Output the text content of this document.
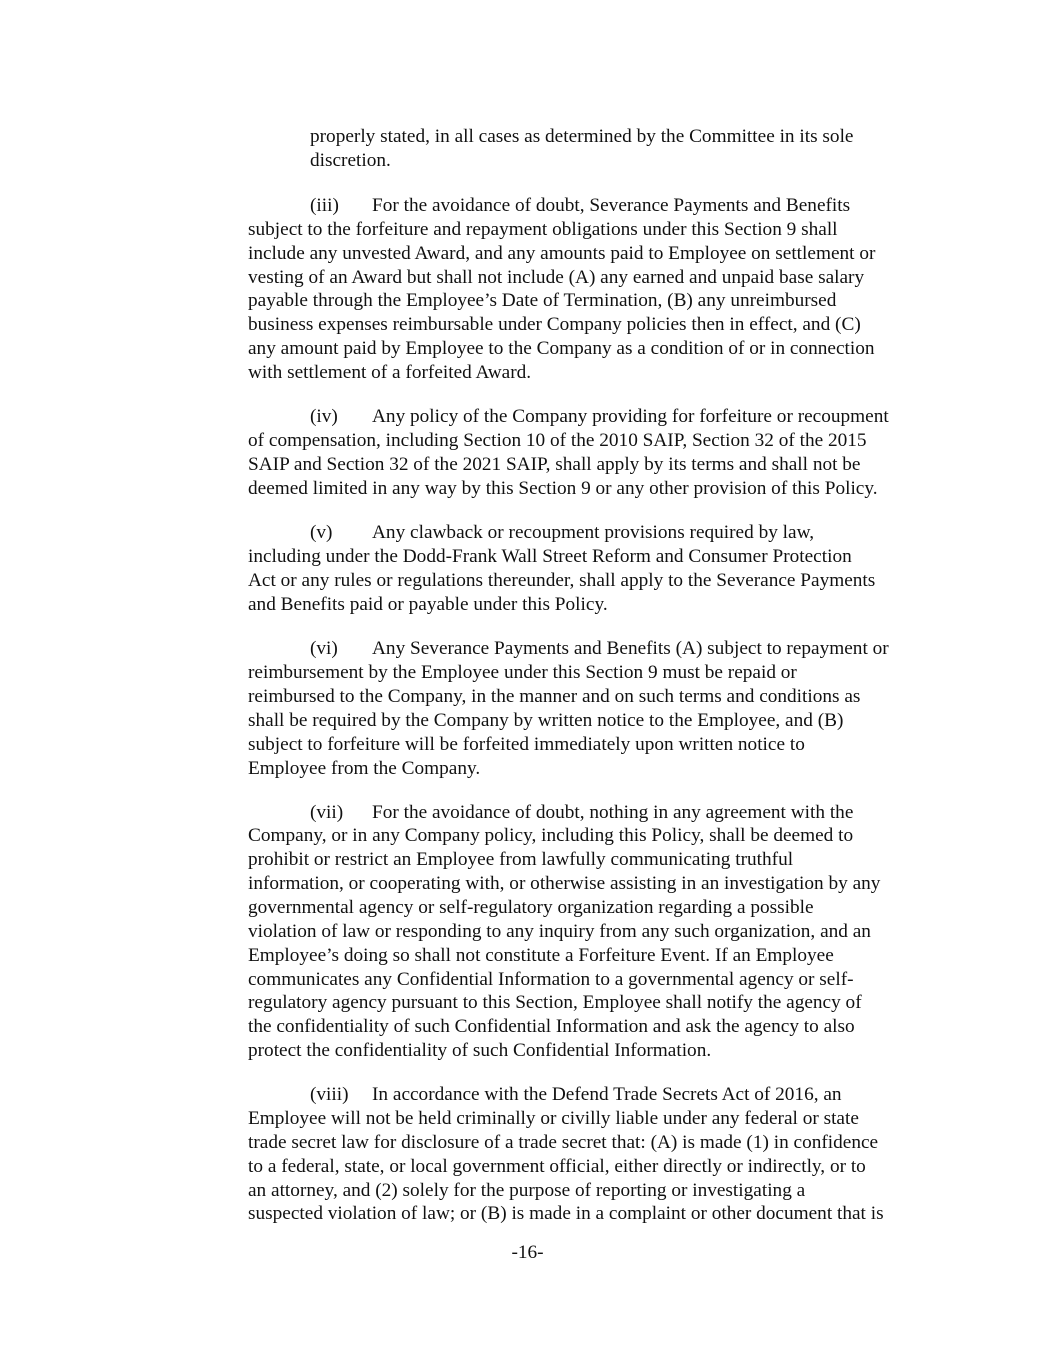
properly stated, in all cases as determined by the Committee in its sole
discretion.
(iii) For the avoidance of doubt, Severance Payments and Benefits
subject to the forfeiture and repayment obligations under this Section 9 shall
include any unvested Award, and any amounts paid to Employee on settlement or
vesting of an Award but shall not include (A) any earned and unpaid base salary
payable through the Employee’s Date of Termination, (B) any unreimbursed
business expenses reimbursable under Company policies then in effect, and (C)
any amount paid by Employee to the Company as a condition of or in connection
with settlement of a forfeited Award.
(iv) Any policy of the Company providing for forfeiture or recoupment
of compensation, including Section 10 of the 2010 SAIP, Section 32 of the 2015
SAIP and Section 32 of the 2021 SAIP, shall apply by its terms and shall not be
deemed limited in any way by this Section 9 or any other provision of this Policy.
(v) Any clawback or recoupment provisions required by law,
including under the Dodd-Frank Wall Street Reform and Consumer Protection
Act or any rules or regulations thereunder, shall apply to the Severance Payments
and Benefits paid or payable under this Policy.
(vi) Any Severance Payments and Benefits (A) subject to repayment or
reimbursement by the Employee under this Section 9 must be repaid or
reimbursed to the Company, in the manner and on such terms and conditions as
shall be required by the Company by written notice to the Employee, and (B)
subject to forfeiture will be forfeited immediately upon written notice to
Employee from the Company.
(vii) For the avoidance of doubt, nothing in any agreement with the
Company, or in any Company policy, including this Policy, shall be deemed to
prohibit or restrict an Employee from lawfully communicating truthful
information, or cooperating with, or otherwise assisting in an investigation by any
governmental agency or self-regulatory organization regarding a possible
violation of law or responding to any inquiry from any such organization, and an
Employee’s doing so shall not constitute a Forfeiture Event. If an Employee
communicates any Confidential Information to a governmental agency or self-
regulatory agency pursuant to this Section, Employee shall notify the agency of
the confidentiality of such Confidential Information and ask the agency to also
protect the confidentiality of such Confidential Information.
(viii) In accordance with the Defend Trade Secrets Act of 2016, an
Employee will not be held criminally or civilly liable under any federal or state
trade secret law for disclosure of a trade secret that: (A) is made (1) in confidence
to a federal, state, or local government official, either directly or indirectly, or to
an attorney, and (2) solely for the purpose of reporting or investigating a
suspected violation of law; or (B) is made in a complaint or other document that is
-16-
